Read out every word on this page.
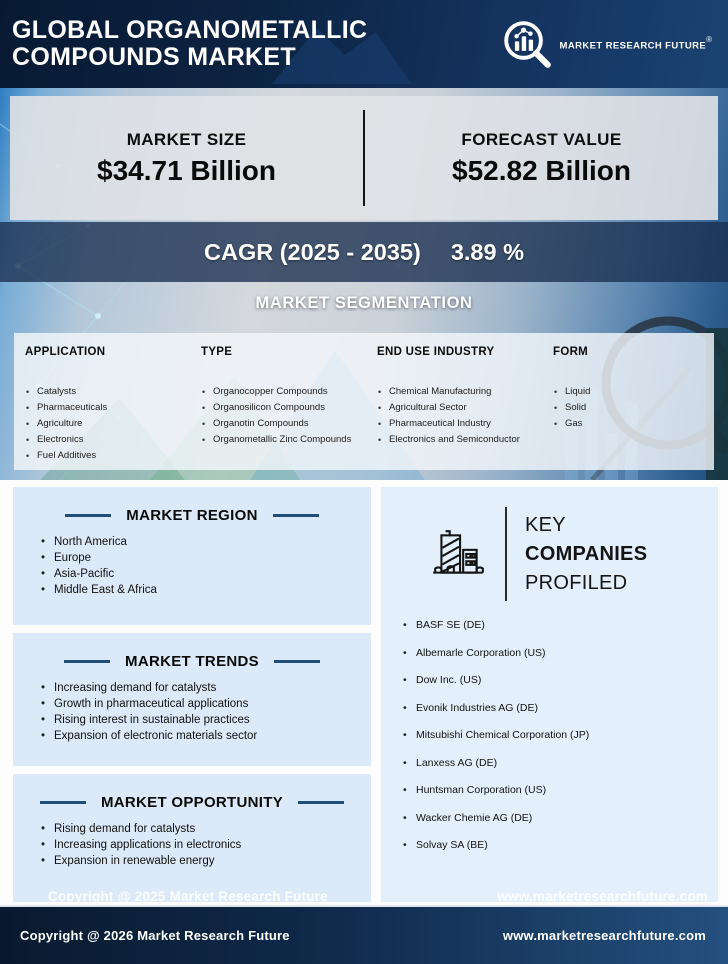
GLOBAL ORGANOMETALLIC COMPOUNDS MARKET	MARKET RESEARCH FUTURE®
MARKET SIZE
$34.71 Billion
FORECAST VALUE
$52.82 Billion
CAGR (2025 - 2035) 3.89 %
MARKET SEGMENTATION
APPLICATION
• Catalysts
• Pharmaceuticals
• Agriculture
• Electronics
• Fuel Additives
TYPE
• Organocopper Compounds
• Organosilicon Compounds
• Organotin Compounds
• Organometallic Zinc Compounds
END USE INDUSTRY
• Chemical Manufacturing
• Agricultural Sector
• Pharmaceutical Industry
• Electronics and Semiconductor
FORM
• Liquid
• Solid
• Gas
MARKET REGION
• North America
• Europe
• Asia-Pacific
• Middle East & Africa
MARKET TRENDS
• Increasing demand for catalysts
• Growth in pharmaceutical applications
• Rising interest in sustainable practices
• Expansion of electronic materials sector
MARKET OPPORTUNITY
• Rising demand for catalysts
• Increasing applications in electronics
• Expansion in renewable energy
KEY
COMPANIES
PROFILED
• BASF SE (DE)
• Albemarle Corporation (US)
• Dow Inc. (US)
• Evonik Industries AG (DE)
• Mitsubishi Chemical Corporation (JP)
• Lanxess AG (DE)
• Huntsman Corporation (US)
• Wacker Chemie AG (DE)
• Solvay SA (BE)
Copyright @ 2025 Market Research Future	www.marketresearchfuture.com
Copyright @ 2026 Market Research Future	www.marketresearchfuture.com
